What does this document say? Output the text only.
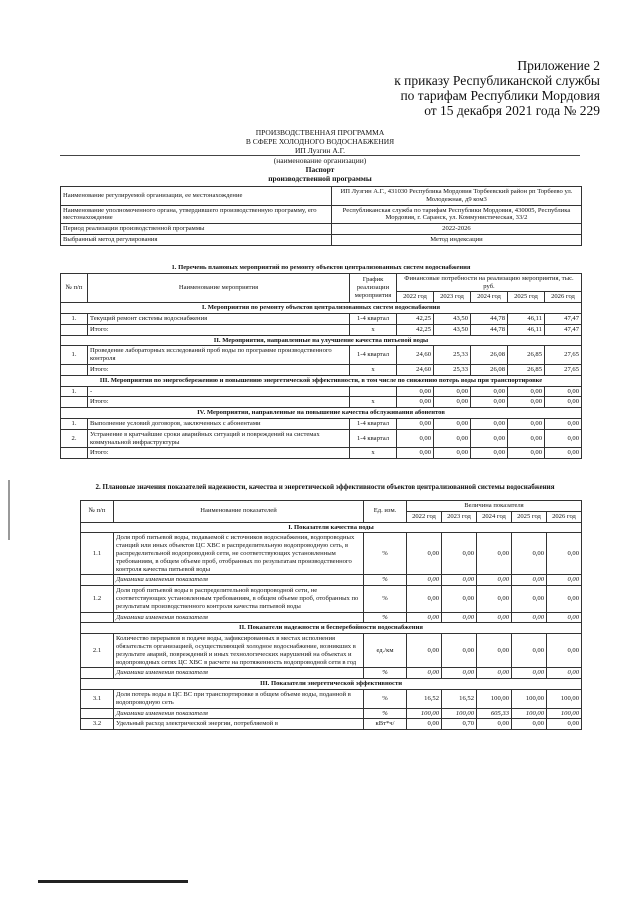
Приложение 2
к приказу Республиканской службы
по тарифам Республики Мордовия
от 15 декабря 2021 года № 229
ПРОИЗВОДСТВЕННАЯ ПРОГРАММА
В СФЕРЕ ХОЛОДНОГО ВОДОСНАБЖЕНИЯ
ИП Лузгин А.Г.
(наименование организации)
Паспорт
производственной программы
Наименование регулируемой организации, ее местонахождение	ИП Лузгин А.Г., 431030 Республика Мордовия Торбеевский район рп Торбеево ул. Молодежная, д9 ком3
Наименование уполномоченного органа, утвердившего производственную программу, его местонахождение	Республиканская служба по тарифам Республики Мордовия, 430005, Республика Мордовия, г. Саранск, ул. Коммунистическая, 33/2
Период реализации производственной программы	2022-2026
Выбранный метод регулирования	Метод индексации
1. Перечень плановых мероприятий по ремонту объектов централизованных систем водоснабжения							
№ п/п	Наименование мероприятия	График реализации мероприятия	Финансовые потребности на реализацию мероприятия, тыс. руб.				
			2022 год	2023 год	2024 год	2025 год	2026 год
I. Мероприятия по ремонту объектов централизованных систем водоснабжения							
1.	Текущий ремонт системы водоснабжения	1-4 квартал	42,25	43,50	44,78	46,11	47,47
	Итого:	x	42,25	43,50	44,78	46,11	47,47
II. Мероприятия, направленные на улучшение качества питьевой воды							
1.	Проведение лабораторных исследований проб воды по программе производственного контроля	1-4 квартал	24,60	25,33	26,08	26,85	27,65
	Итого:	x	24,60	25,33	26,08	26,85	27,65
III. Мероприятия по энергосбережению и повышению энергетической эффективности, в том числе по снижению потерь воды при транспортировке							
1.	-		0,00	0,00	0,00	0,00	0,00
	Итого:	x	0,00	0,00	0,00	0,00	0,00
IV. Мероприятия, направленные на повышение качества обслуживания абонентов							
1.	Выполнение условий договоров, заключенных с абонентами	1-4 квартал	0,00	0,00	0,00	0,00	0,00
2.	Устранение в кратчайшие сроки аварийных ситуаций и повреждений на системах коммунальной инфраструктуры	1-4 квартал	0,00	0,00	0,00	0,00	0,00
	Итого:	x	0,00	0,00	0,00	0,00	0,00
2. Плановые значения показателей надежности, качества и энергетической эффективности объектов централизованной системы водоснабжения
№ п/п	Наименование показателей	Ед. изм.	Величина показателя				
			2022 год	2023 год	2024 год	2025 год	2026 год
I. Показатели качества воды							
1.1	Доля проб питьевой воды, подаваемой с источников водоснабжения, водопроводных станций или иных объектов ЦС ХВС в распределительную водопроводную сеть, в распределительной водопроводной сети, не соответствующих установленным требованиям, в общем объеме проб, отобранных по результатам производственного контроля качества питьевой воды	%	0,00	0,00	0,00	0,00	0,00
	Динамика изменения показателя	%	0,00	0,00	0,00	0,00	0,00
1.2	Доля проб питьевой воды в распределительной водопроводной сети, не соответствующих установленным требованиям, в общем объеме проб, отобранных по результатам производственного контроля качества питьевой воды	%	0,00	0,00	0,00	0,00	0,00
	Динамика изменения показателя	%	0,00	0,00	0,00	0,00	0,00
II. Показатели надежности и бесперебойности водоснабжения							
2.1	Количество перерывов в подаче воды, зафиксированных в местах исполнения обязательств организацией, осуществляющей холодное водоснабжение, возникших в результате аварий, повреждений и иных технологических нарушений на объектах и водопроводных сетях ЦС ХВС в расчете на протяженность водопроводной сети в год	ед./км	0,00	0,00	0,00	0,00	0,00
	Динамика изменения показателя	%	0,00	0,00	0,00	0,00	0,00
III. Показатели энергетической эффективности							
3.1	Доля потерь воды в ЦС ВС при транспортировке в общем объеме воды, поданной в водопроводную сеть	%	16,52	16,52	100,00	100,00	100,00
	Динамика изменения показателя	%	100,00	100,00	605,33	100,00	100,00
3.2	Удельный расход электрической энергии, потребляемой в	кВт*ч/	0,00	0,70	0,00	0,00	0,00
